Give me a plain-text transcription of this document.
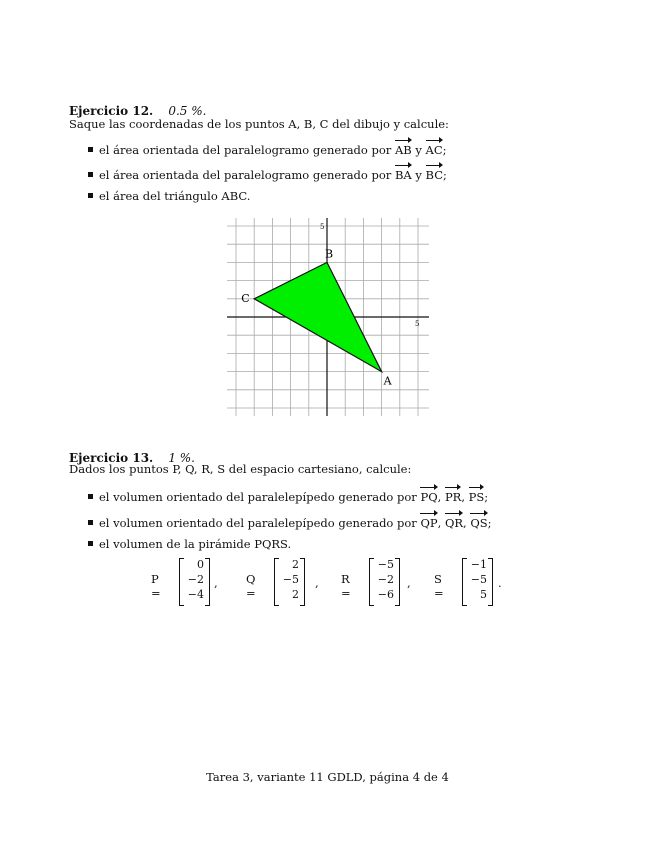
Ejercicio 12. 0.5 %.
Saque las coordenadas de los puntos A, B, C del dibujo y calcule:
el área orientada del paralelogramo generado por AB y AC;
el área orientada del paralelogramo generado por BA y BC;
el área del triángulo ABC.
5
5
A
B
C
Ejercicio 13. 1 %.
Dados los puntos P, Q, R, S del espacio cartesiano, calcule:
el volumen orientado del paralelepípedo generado por PQ, PR, PS;
el volumen orientado del paralelepípedo generado por QP, QR, QS;
el volumen de la pirámide PQRS.
P =
0
−2
−4
, Q =
2
−5
2
, R =
−5
−2
−6
, S =
−1
−5
5
.
Tarea 3, variante 11 GDLD, página 4 de 4
